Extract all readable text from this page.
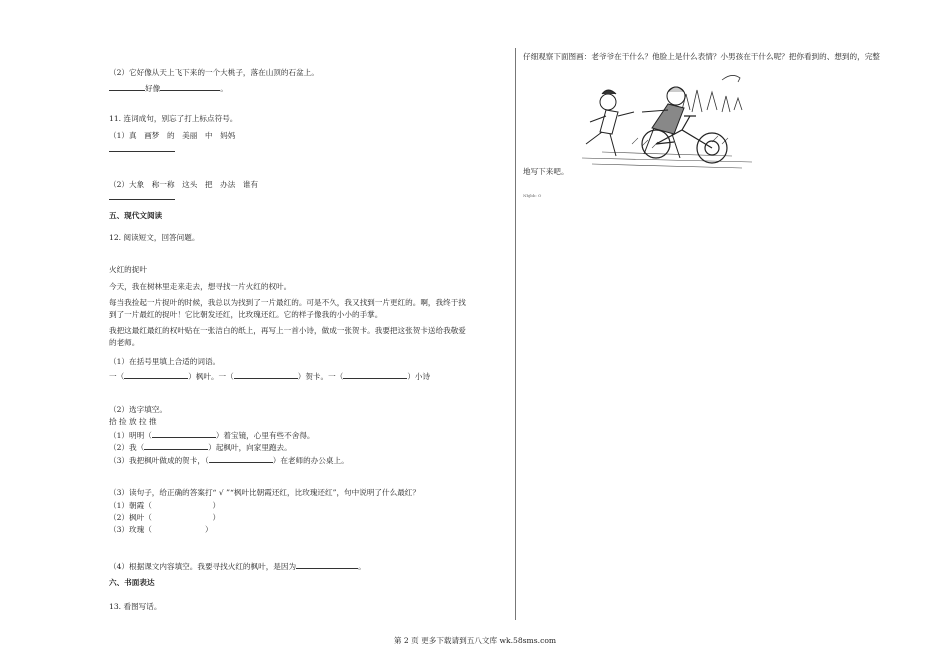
（2）它好像从天上飞下来的一个大桃子，落在山顶的石盆上。
好像	。
11. 连词成句，别忘了打上标点符号。
（1）真　画梦　的　美丽　中　妈妈
（2）大象　称一称　这头　把　办法　谁有
五、现代文阅读
12. 阅读短文，回答问题。
火红的捉叶
今天，我在树林里走来走去，想寻找一片火红的权叶。
每当我捡起一片捉叶的时候，我总以为找到了一片最红的。可是不久，我又找到一片更红的。啊，我终于找
到了一片最红的捉叶！它比朝发还红，比玫瑰还红。它的样子像我的小小的手掌。
我把这最红最红的权叶贴在一张洁白的纸上，再写上一首小诗，做成一张贺卡。我要把这张贺卡送给我敬爱
的老师。
（1）在括号里填上合适的词语。
一（	）枫叶。一（	）贺卡。一（	）小诗
（2）选字填空。
拾 捡 放 拉 推
（1）明明（	）着宝镜，心里有些不舍得。
（2）我（	）起枫叶，向家里跑去。
（3）我把枫叶做成的贺卡，（	）在老师的办公桌上。
（3）读句子，给正确的答案打“ √ ”“枫叶比朝霞还红，比玫瑰还红”，句中说明了什么最红？
（1）朝霞（　　　　　　　　）
（2）枫叶（　　　　　　　　）
（3）玫瑰（　　　　　　　）
（4）根据课文内容填空。我要寻找火红的枫叶，是因为	。
六、书面表达
13. 看图写话。
仔细观察下面图画：老爷爷在干什么？他脸上是什么表情？小男孩在干什么呢？把你看到的、想到的，完整
地写下来吧。
Nbjbb: O
第 2 页 更多下载请到五八文库 wk.58sms.com
